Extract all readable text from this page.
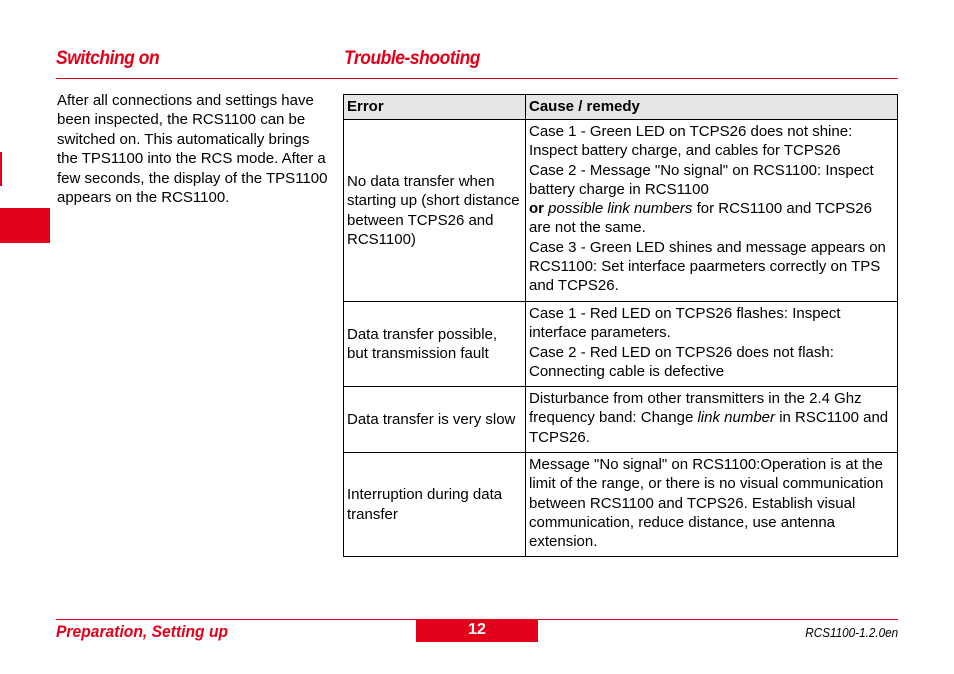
Switching on	Trouble-shooting
After all connections and settings have been inspected, the RCS1100 can be switched on. This automatically brings the TPS1100 into the RCS mode. After a few seconds, the display of the TPS1100 appears on the RCS1100.
Error	Cause / remedy
No data transfer when starting up (short distance between TCPS26 and RCS1100)	Case 1 - Green LED on TCPS26 does not shine: Inspect battery charge, and cables for TCPS26
Case 2 - Message "No signal" on RCS1100: Inspect battery charge in RCS1100
or possible link numbers for RCS1100 and TCPS26 are not the same.
Case 3 - Green LED shines and message appears on RCS1100: Set interface paarmeters correctly on TPS and TCPS26.

Data transfer possible, but transmission fault	Case 1 - Red LED on TCPS26 flashes: Inspect interface parameters.
Case 2 - Red LED on TCPS26 does not flash: Connecting cable is defective

Data transfer is very slow	Disturbance from other transmitters in the 2.4 Ghz frequency band: Change link number in RSC1100 and TCPS26.
Interruption during data transfer	Message "No signal" on RCS1100:Operation is at the limit of the range, or there is no visual communication between RCS1100 and TCPS26. Establish visual communication, reduce distance, use antenna extension.
Preparation, Setting up	12	RCS1100-1.2.0en
